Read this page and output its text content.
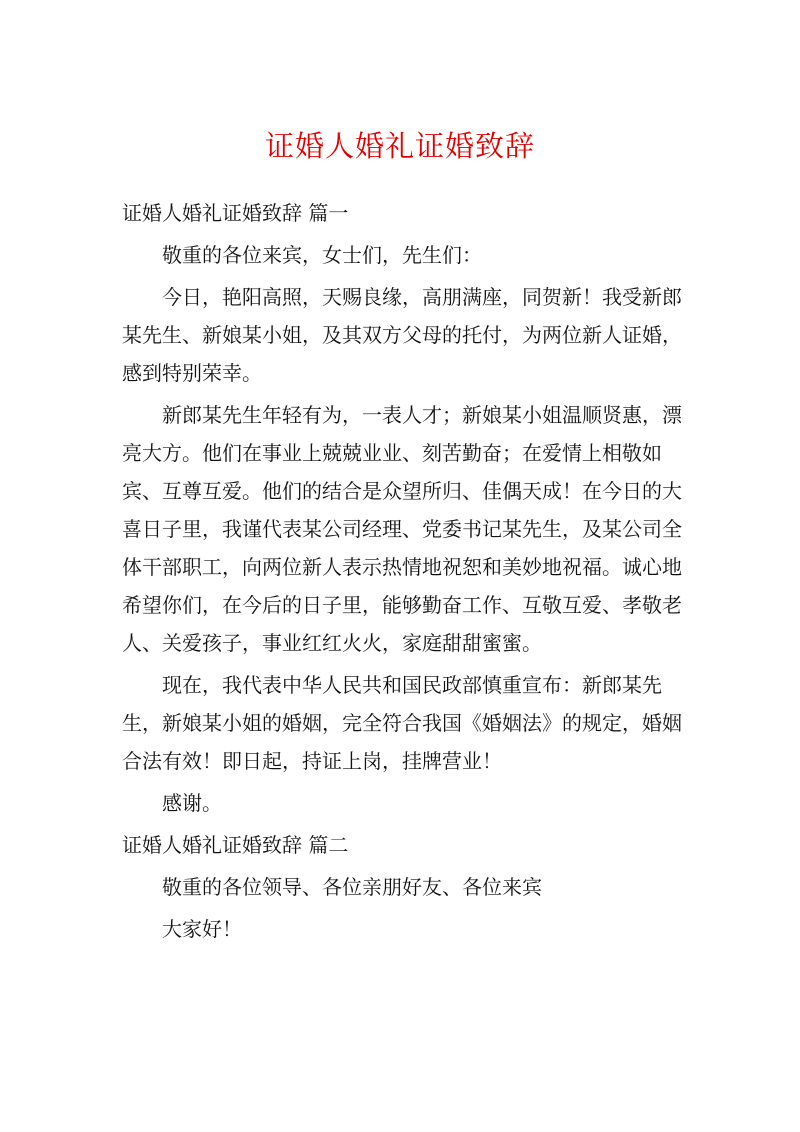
证婚人婚礼证婚致辞

证婚人婚礼证婚致辞 篇一

敬重的各位来宾，女士们，先生们：

今日，艳阳高照，天赐良缘，高朋满座，同贺新！我受新郎某先生、新娘某小姐，及其双方父母的托付，为两位新人证婚，感到特别荣幸。

新郎某先生年轻有为，一表人才；新娘某小姐温顺贤惠，漂亮大方。他们在事业上兢兢业业、刻苦勤奋；在爱情上相敬如宾、互尊互爱。他们的结合是众望所归、佳偶天成！在今日的大喜日子里，我谨代表某公司经理、党委书记某先生，及某公司全体干部职工，向两位新人表示热情地祝恕和美妙地祝福。诚心地希望你们，在今后的日子里，能够勤奋工作、互敬互爱、孝敬老人、关爱孩子，事业红红火火，家庭甜甜蜜蜜。

现在，我代表中华人民共和国民政部慎重宣布：新郎某先生，新娘某小姐的婚姻，完全符合我国《婚姻法》的规定，婚姻合法有效！即日起，持证上岗，挂牌营业！

感谢。

证婚人婚礼证婚致辞 篇二

敬重的各位领导、各位亲朋好友、各位来宾

大家好！
